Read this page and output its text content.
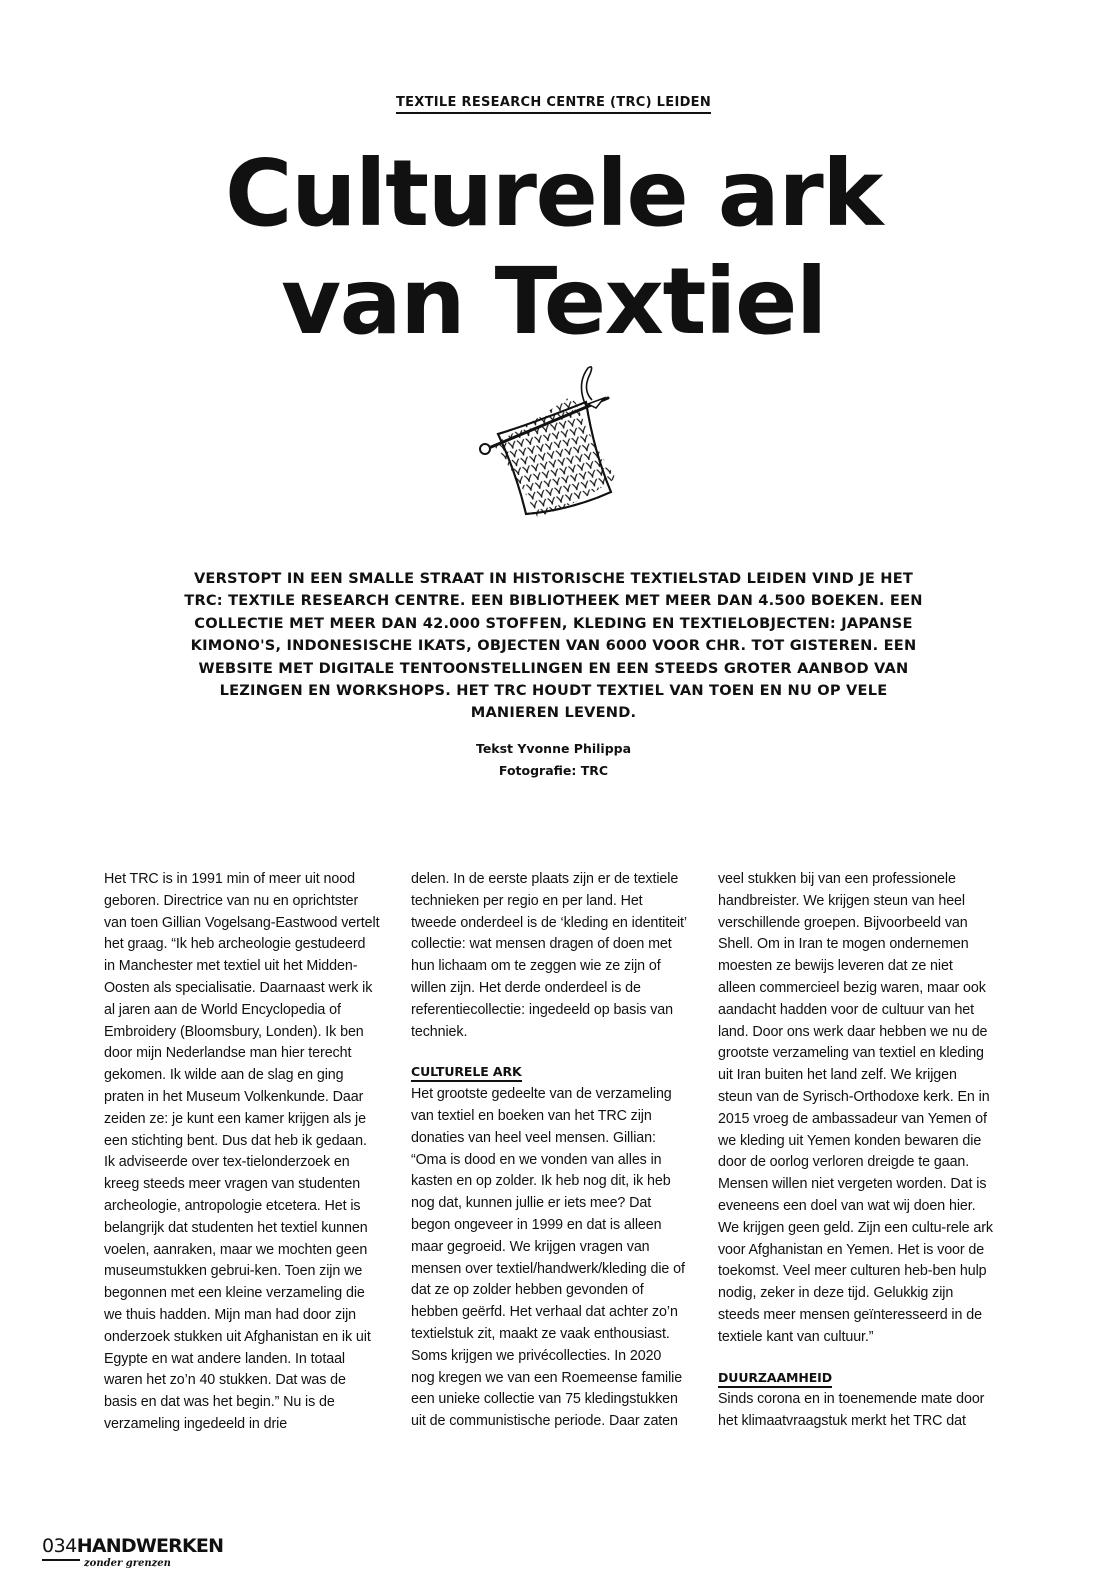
TEXTILE RESEARCH CENTRE (TRC) LEIDEN
Culturele ark
van Textiel

VERSTOPT IN EEN SMALLE STRAAT IN HISTORISCHE TEXTIELSTAD LEIDEN VIND JE HET TRC: TEXTILE RESEARCH CENTRE. EEN BIBLIOTHEEK MET MEER DAN 4.500 BOEKEN. EEN COLLECTIE MET MEER DAN 42.000 STOFFEN, KLEDING EN TEXTIELOBJECTEN: JAPANSE KIMONO'S, INDONESISCHE IKATS, OBJECTEN VAN 6000 VOOR CHR. TOT GISTEREN. EEN WEBSITE MET DIGITALE TENTOONSTELLINGEN EN EEN STEEDS GROTER AANBOD VAN LEZINGEN EN WORKSHOPS. HET TRC HOUDT TEXTIEL VAN TOEN EN NU OP VELE MANIEREN LEVEND.

Tekst Yvonne Philippa
Fotografie: TRC

Het TRC is in 1991 min of meer uit nood geboren. Directrice van nu en oprichtster van toen Gillian Vogelsang-Eastwood vertelt het graag. “Ik heb archeologie gestudeerd in Manchester met textiel uit het Midden-Oosten als specialisatie. Daarnaast werk ik al jaren aan de World Encyclopedia of Embroidery (Bloomsbury, Londen). Ik ben door mijn Nederlandse man hier terecht gekomen. Ik wilde aan de slag en ging praten in het Museum Volkenkunde. Daar zeiden ze: je kunt een kamer krijgen als je een stichting bent. Dus dat heb ik gedaan. Ik adviseerde over tex-tielonderzoek en kreeg steeds meer vragen van studenten archeologie, antropologie etcetera. Het is belangrijk dat studenten het textiel kunnen voelen, aanraken, maar we mochten geen museumstukken gebrui-ken. Toen zijn we begonnen met een kleine verzameling die we thuis hadden. Mijn man had door zijn onderzoek stukken uit Afghanistan en ik uit Egypte en wat andere landen. In totaal waren het zo’n 40 stukken. Dat was de basis en dat was het begin.” Nu is de verzameling ingedeeld in drie

delen. In de eerste plaats zijn er de textiele technieken per regio en per land. Het tweede onderdeel is de ‘kleding en identiteit’ collectie: wat mensen dragen of doen met hun lichaam om te zeggen wie ze zijn of willen zijn. Het derde onderdeel is de referentiecollectie: ingedeeld op basis van techniek.

CULTURELE ARK

Het grootste gedeelte van de verzameling van textiel en boeken van het TRC zijn donaties van heel veel mensen. Gillian: “Oma is dood en we vonden van alles in kasten en op zolder. Ik heb nog dit, ik heb nog dat, kunnen jullie er iets mee? Dat begon ongeveer in 1999 en dat is alleen maar gegroeid. We krijgen vragen van mensen over textiel/handwerk/kleding die of dat ze op zolder hebben gevonden of hebben geërfd. Het verhaal dat achter zo’n textielstuk zit, maakt ze vaak enthousiast. Soms krijgen we privécollecties. In 2020 nog kregen we van een Roemeense familie een unieke collectie van 75 kledingstukken uit de communistische periode. Daar zaten

veel stukken bij van een professionele handbreister. We krijgen steun van heel verschillende groepen. Bijvoorbeeld van Shell. Om in Iran te mogen ondernemen moesten ze bewijs leveren dat ze niet alleen commercieel bezig waren, maar ook aandacht hadden voor de cultuur van het land. Door ons werk daar hebben we nu de grootste verzameling van textiel en kleding uit Iran buiten het land zelf. We krijgen steun van de Syrisch-Orthodoxe kerk. En in 2015 vroeg de ambassadeur van Yemen of we kleding uit Yemen konden bewaren die door de oorlog verloren dreigde te gaan. Mensen willen niet vergeten worden. Dat is eveneens een doel van wat wij doen hier. We krijgen geen geld. Zijn een cultu-rele ark voor Afghanistan en Yemen. Het is voor de toekomst. Veel meer culturen heb-ben hulp nodig, zeker in deze tijd. Gelukkig zijn steeds meer mensen geïnteresseerd in de textiele kant van cultuur.”

DUURZAAMHEID

Sinds corona en in toenemende mate door het klimaatvraagstuk merkt het TRC dat

034HANDWERKEN
zonder grenzen
